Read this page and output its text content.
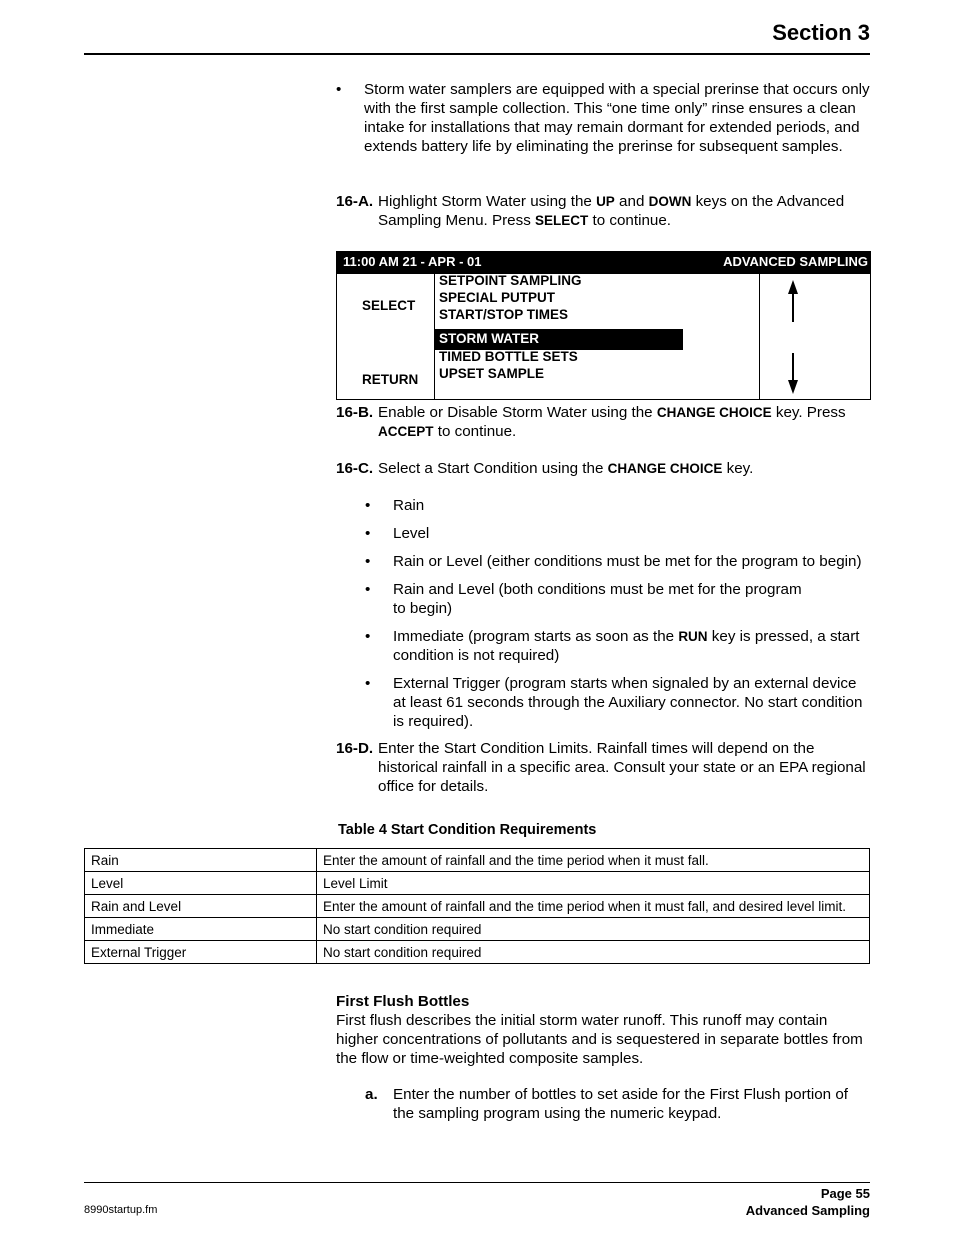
Section 3
• Storm water samplers are equipped with a special prerinse that occurs only with the first sample collection. This “one time only” rinse ensures a clean intake for installations that may remain dormant for extended periods, and extends battery life by eliminating the prerinse for subsequent samples.
16-A. Highlight Storm Water using the UP and DOWN keys on the Advanced Sampling Menu. Press SELECT to continue.
11:00 AM 21 - APR - 01	ADVANCED SAMPLING
SELECT
RETURN
SETPOINT SAMPLING
SPECIAL PUTPUT
START/STOP TIMES
STORM WATER
TIMED BOTTLE SETS
UPSET SAMPLE
16-B. Enable or Disable Storm Water using the CHANGE CHOICE key. Press ACCEPT to continue.
16-C. Select a Start Condition using the CHANGE CHOICE key.
• Rain
• Level
• Rain or Level (either conditions must be met for the program to begin)
• Rain and Level (both conditions must be met for the program
to begin)
• Immediate (program starts as soon as the RUN key is pressed, a start condition is not required)
• External Trigger (program starts when signaled by an external device at least 61 seconds through the Auxiliary connector. No start condition is required).
16-D. Enter the Start Condition Limits. Rainfall times will depend on the historical rainfall in a specific area. Consult your state or an EPA regional office for details.
Table 4 Start Condition Requirements
Rain	Enter the amount of rainfall and the time period when it must fall.
Level	Level Limit
Rain and Level	Enter the amount of rainfall and the time period when it must fall, and desired level limit.
Immediate	No start condition required
External Trigger	No start condition required
First Flush Bottles
First flush describes the initial storm water runoff. This runoff may contain higher concentrations of pollutants and is sequestered in separate bottles from the flow or time-weighted composite samples.
a. Enter the number of bottles to set aside for the First Flush portion of the sampling program using the numeric keypad.
8990startup.fm
Page 55
Advanced Sampling
